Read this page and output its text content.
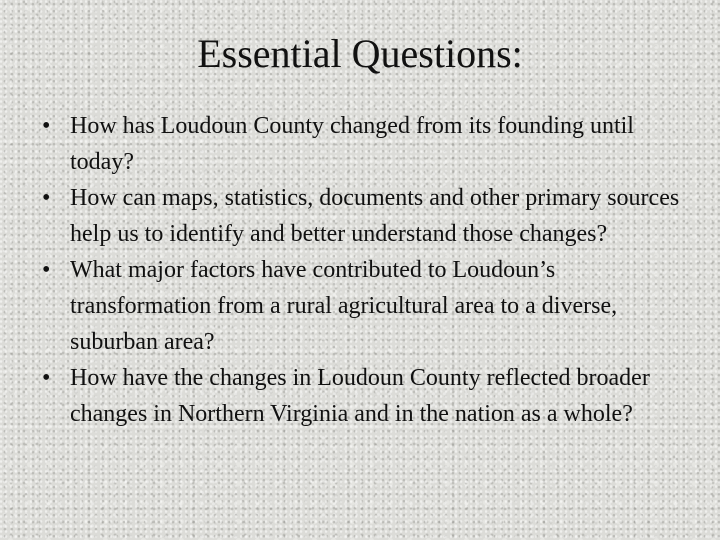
Essential Questions:
• How has Loudoun County changed from its founding until today?
• How can maps, statistics, documents and other primary sources help us to identify and better understand those changes?
• What major factors have contributed to Loudoun’s transformation from a rural agricultural area to a diverse, suburban area?
• How have the changes in Loudoun County reflected broader changes in Northern Virginia and in the nation as a whole?
